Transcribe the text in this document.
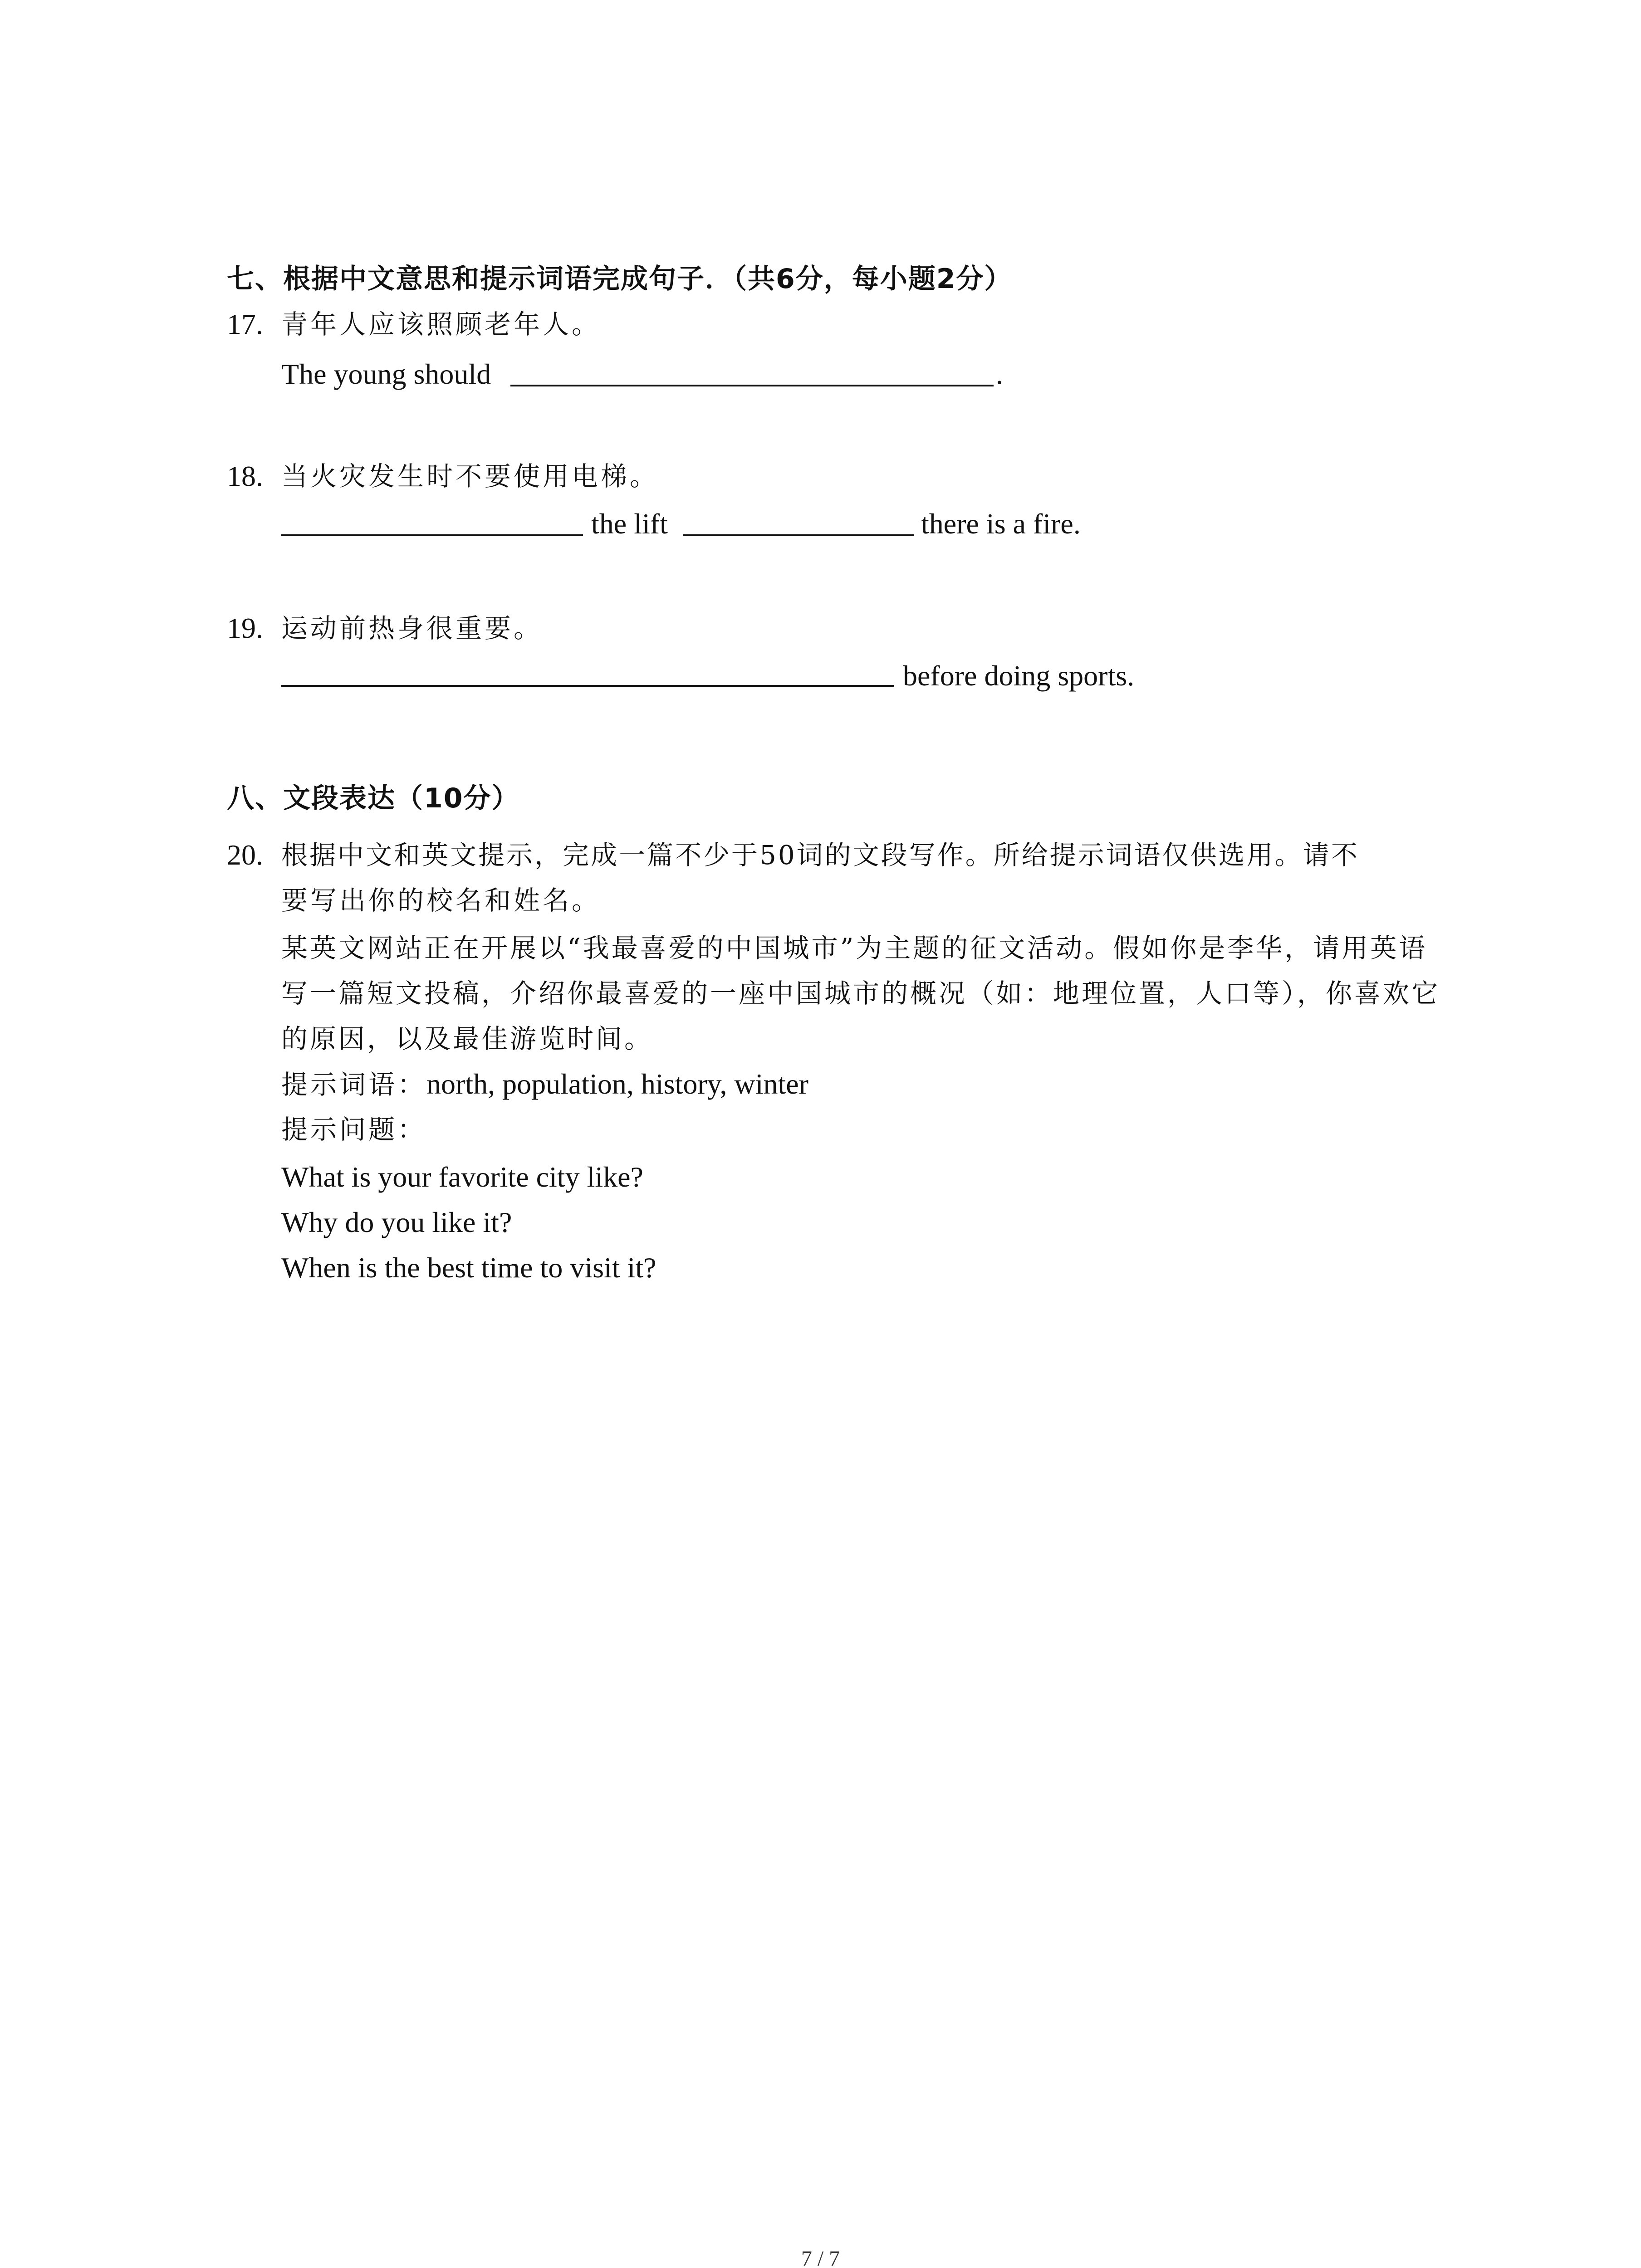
七、根据中文意思和提示词语完成句子．（共6分，每小题2分）
17. 青年人应该照顾老年人。
The young should	.
18. 当火灾发生时不要使用电梯。
the lift	there is a fire.
19. 运动前热身很重要。
before doing sports.
八、文段表达（10分）
20. 根据中文和英文提示，完成一篇不少于50词的文段写作。所给提示词语仅供选用。请不
要写出你的校名和姓名。
某英文网站正在开展以“我最喜爱的中国城市”为主题的征文活动。假如你是李华，请用英语写一篇短文投稿，介绍你最喜爱的一座中国城市的概况（如：地理位置，人口等），你喜欢它的原因，以及最佳游览时间。
提示词语：north, population, history, winter
提示问题：
What is your favorite city like?
Why do you like it?
When is the best time to visit it?
7 / 7
